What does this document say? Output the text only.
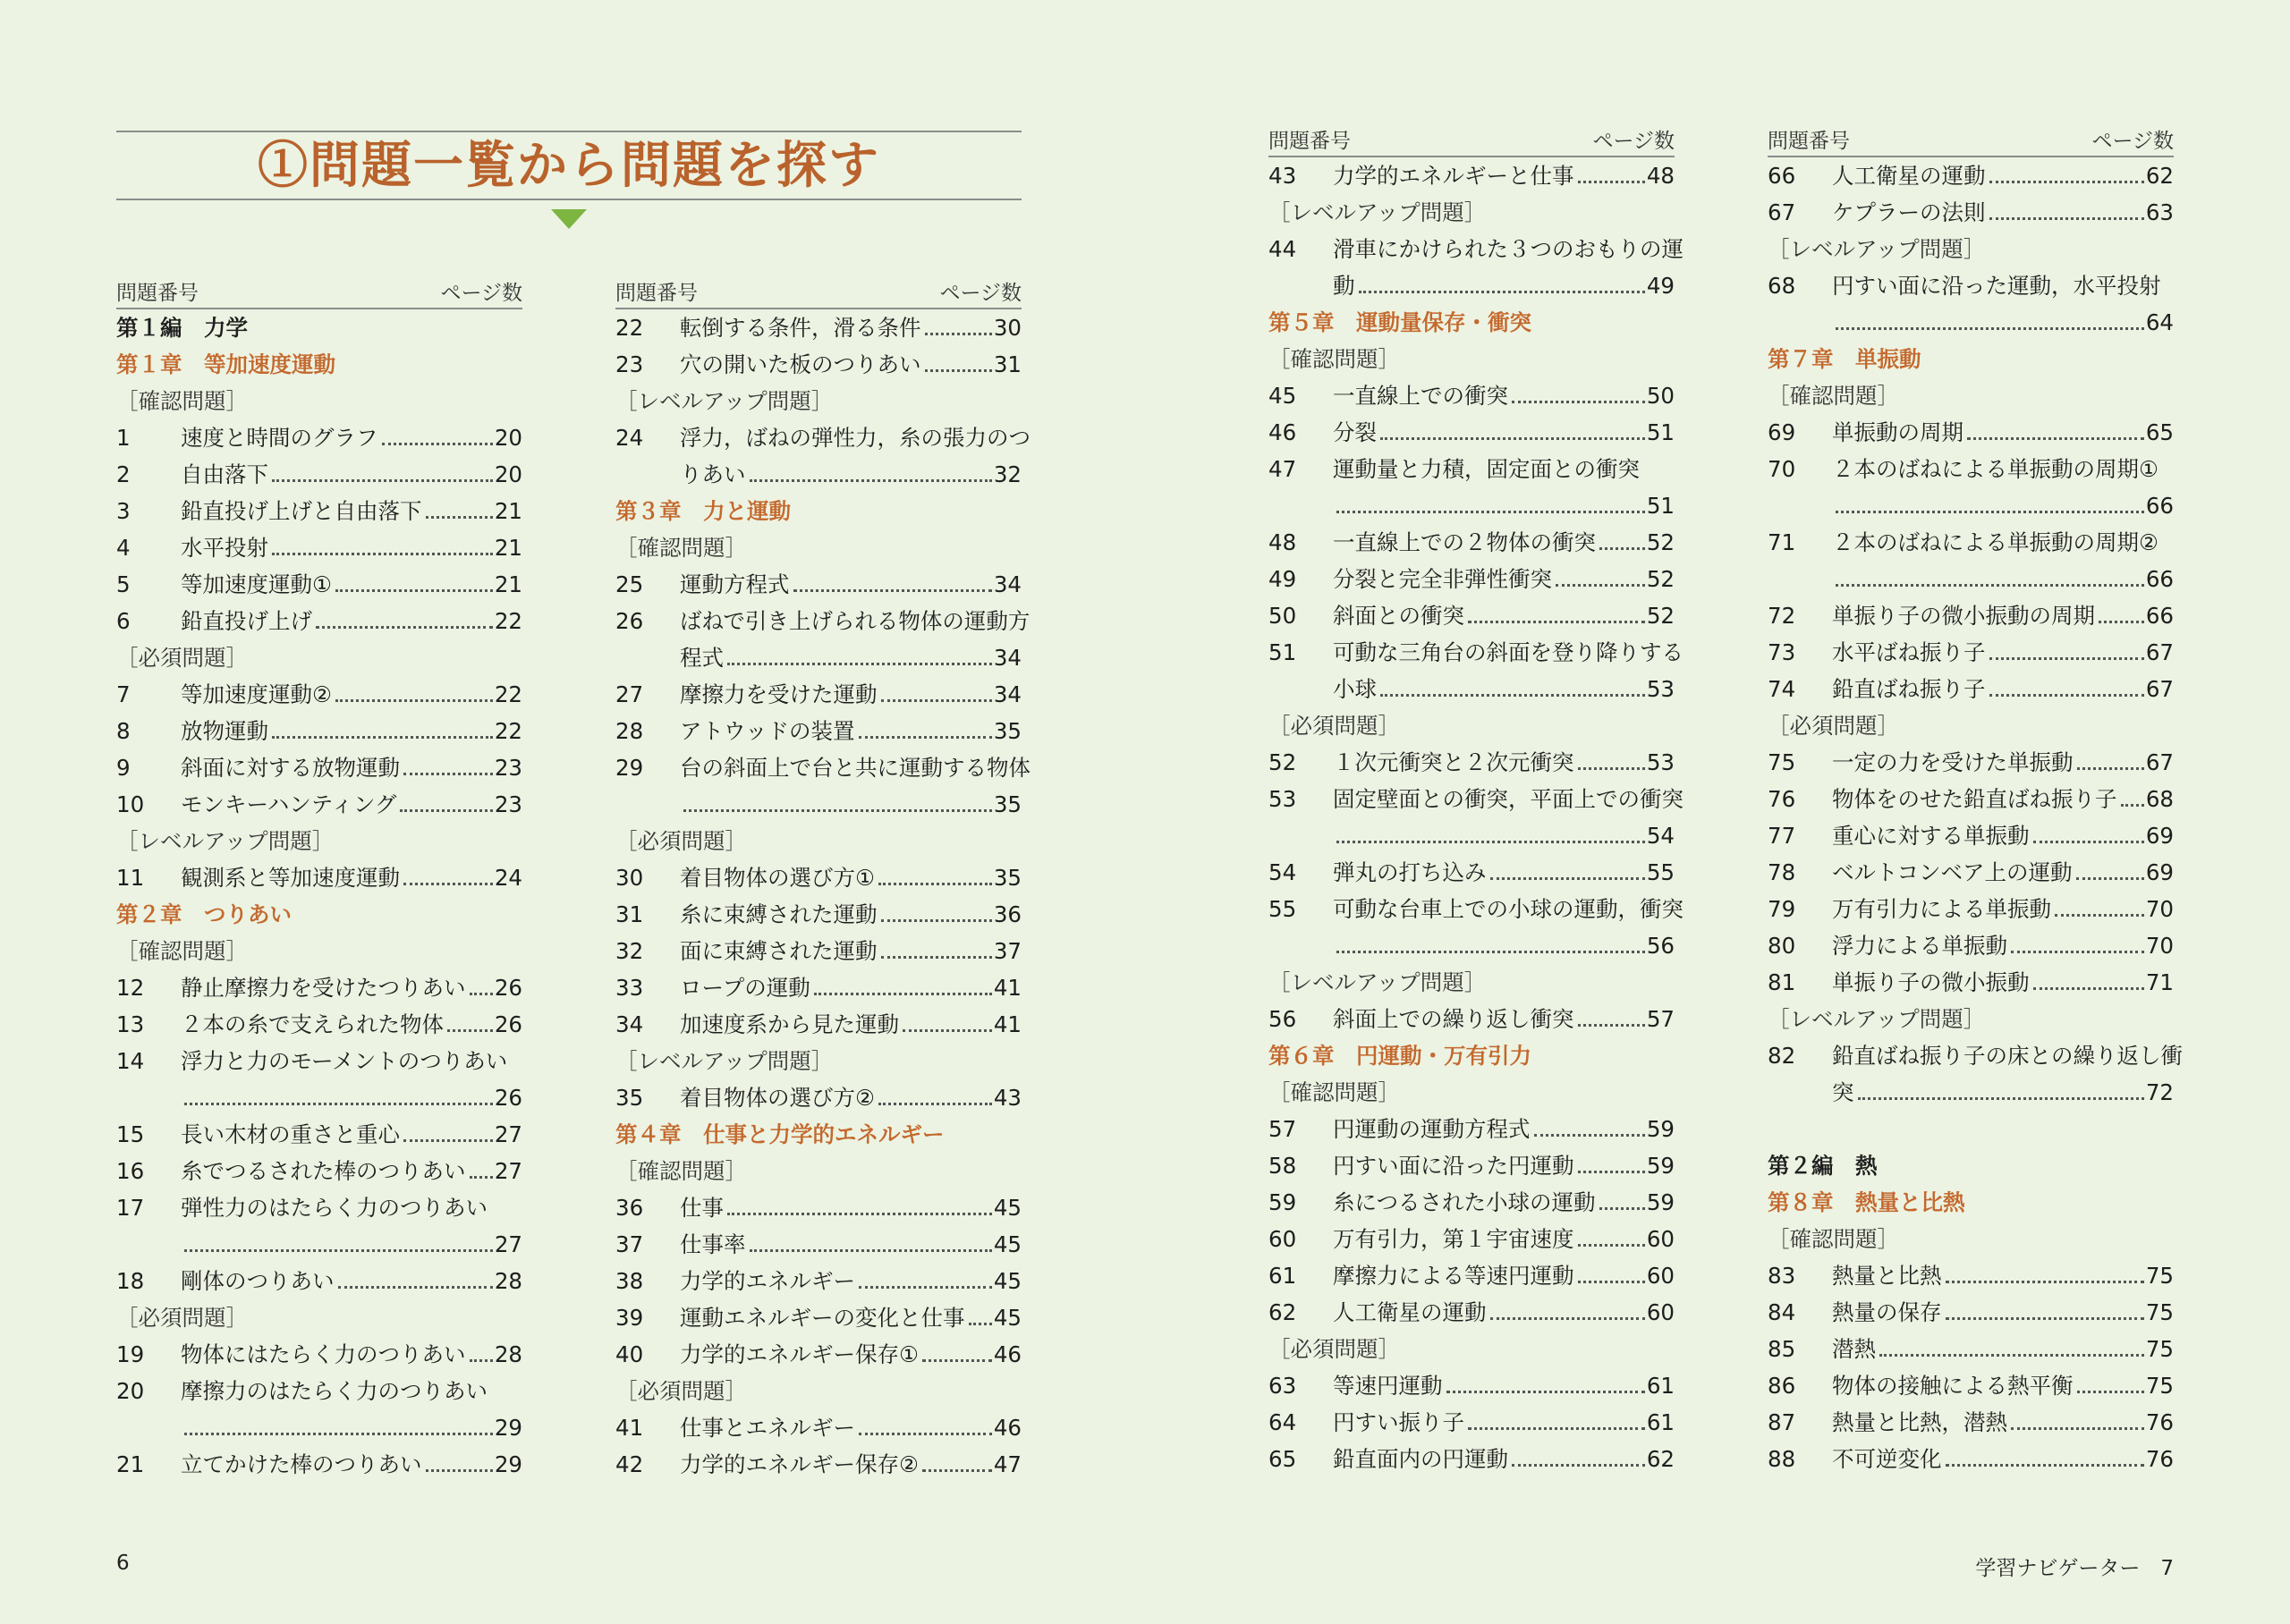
①問題一覧から問題を探す
問題番号	ページ数
第１編　力学
第１章　等加速度運動
［確認問題］
1	速度と時間のグラフ	20
2	自由落下	20
3	鉛直投げ上げと自由落下	21
4	水平投射	21
5	等加速度運動①	21
6	鉛直投げ上げ	22
［必須問題］
7	等加速度運動②	22
8	放物運動	22
9	斜面に対する放物運動	23
10	モンキーハンティング	23
［レベルアップ問題］
11	観測系と等加速度運動	24
第２章　つりあい
［確認問題］
12	静止摩擦力を受けたつりあい 26
13	２本の糸で支えられた物体 26
14	浮力と力のモーメントのつりあい
26
15	長い木材の重さと重心	27
16	糸でつるされた棒のつりあい 27
17	弾性力のはたらく力のつりあい
27
18	剛体のつりあい	28
［必須問題］
19	物体にはたらく力のつりあい 28
20	摩擦力のはたらく力のつりあい
29
21	立てかけた棒のつりあい	29
問題番号	ページ数
22	転倒する条件，滑る条件	30
23	穴の開いた板のつりあい	31
［レベルアップ問題］
24	浮力，ばねの弾性力，糸の張力のつ
りあい	32
第３章　力と運動
［確認問題］
25	運動方程式	34
26	ばねで引き上げられる物体の運動方
程式	34
27	摩擦力を受けた運動	34
28	アトウッドの装置	35
29	台の斜面上で台と共に運動する物体
35
［必須問題］
30	着目物体の選び方①	35
31	糸に束縛された運動	36
32	面に束縛された運動	37
33	ロープの運動	41
34	加速度系から見た運動	41
［レベルアップ問題］
35	着目物体の選び方②	43
第４章　仕事と力学的エネルギー
［確認問題］
36	仕事	45
37	仕事率	45
38	力学的エネルギー	45
39	運動エネルギーの変化と仕事 45
40	力学的エネルギー保存①	46
［必須問題］
41	仕事とエネルギー	46
42	力学的エネルギー保存②	47
問題番号	ページ数
43	力学的エネルギーと仕事	48
［レベルアップ問題］
44	滑車にかけられた３つのおもりの運
動	49
第５章　運動量保存・衝突
［確認問題］
45	一直線上での衝突	50
46	分裂	51
47	運動量と力積，固定面との衝突
51
48	一直線上での２物体の衝突 52
49	分裂と完全非弾性衝突	52
50	斜面との衝突	52
51	可動な三角台の斜面を登り降りする
小球	53
［必須問題］
52	１次元衝突と２次元衝突	53
53	固定壁面との衝突，平面上での衝突
54
54	弾丸の打ち込み	55
55	可動な台車上での小球の運動，衝突
56
［レベルアップ問題］
56	斜面上での繰り返し衝突	57
第６章　円運動・万有引力
［確認問題］
57	円運動の運動方程式	59
58	円すい面に沿った円運動	59
59	糸につるされた小球の運動 59
60	万有引力，第１宇宙速度	60
61	摩擦力による等速円運動	60
62	人工衛星の運動	60
［必須問題］
63	等速円運動	61
64	円すい振り子	61
65	鉛直面内の円運動	62
問題番号	ページ数
66	人工衛星の運動	62
67	ケプラーの法則	63
［レベルアップ問題］
68	円すい面に沿った運動，水平投射
64
第７章　単振動
［確認問題］
69	単振動の周期	65
70	２本のばねによる単振動の周期①
66
71	２本のばねによる単振動の周期②
66
72	単振り子の微小振動の周期 66
73	水平ばね振り子	67
74	鉛直ばね振り子	67
［必須問題］
75	一定の力を受けた単振動	67
76	物体をのせた鉛直ばね振り子 68
77	重心に対する単振動	69
78	ベルトコンベア上の運動	69
79	万有引力による単振動	70
80	浮力による単振動	70
81	単振り子の微小振動	71
［レベルアップ問題］
82	鉛直ばね振り子の床との繰り返し衝
突	72
第２編　熱
第８章　熱量と比熱
［確認問題］
83	熱量と比熱	75
84	熱量の保存	75
85	潜熱	75
86	物体の接触による熱平衡	75
87	熱量と比熱，潜熱	76
88	不可逆変化	76
6	学習ナビゲーター　7
